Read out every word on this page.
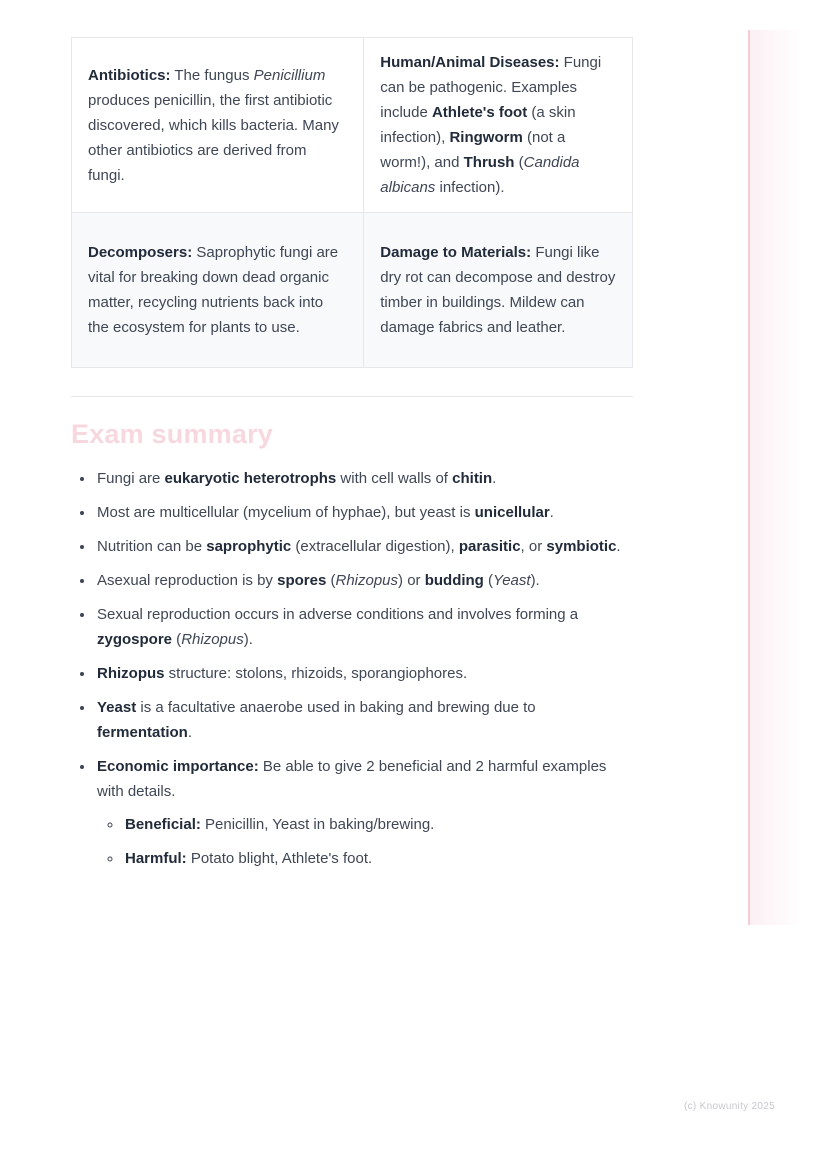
Antibiotics: The fungus Penicillium produces penicillin, the first antibiotic discovered, which kills bacteria. Many other antibiotics are derived from fungi.	Human/Animal Diseases: Fungi can be pathogenic. Examples include Athlete's foot (a skin infection), Ringworm (not a worm!), and Thrush (Candida albicans infection).
Decomposers: Saprophytic fungi are vital for breaking down dead organic matter, recycling nutrients back into the ecosystem for plants to use.	Damage to Materials: Fungi like dry rot can decompose and destroy timber in buildings. Mildew can damage fabrics and leather.
Exam summary
• Fungi are eukaryotic heterotrophs with cell walls of chitin.
• Most are multicellular (mycelium of hyphae), but yeast is unicellular.
• Nutrition can be saprophytic (extracellular digestion), parasitic, or symbiotic.
• Asexual reproduction is by spores (Rhizopus) or budding (Yeast).
• Sexual reproduction occurs in adverse conditions and involves forming a zygospore (Rhizopus).
• Rhizopus structure: stolons, rhizoids, sporangiophores.
• Yeast is a facultative anaerobe used in baking and brewing due to fermentation.
• Economic importance: Be able to give 2 beneficial and 2 harmful examples with details.
◦ Beneficial: Penicillin, Yeast in baking/brewing.
◦ Harmful: Potato blight, Athlete's foot.
(c) Knowunity 2025
